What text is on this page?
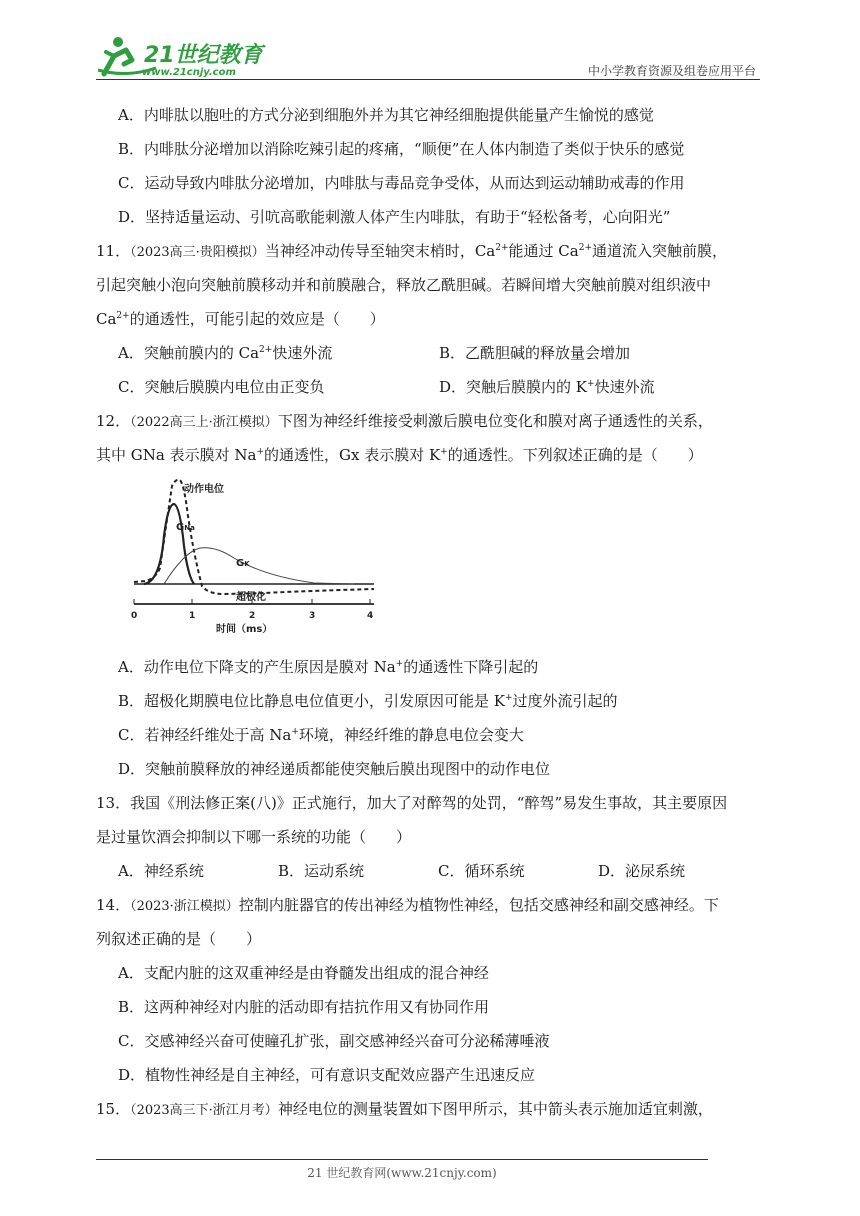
21世纪教育
www.21cnjy.com	中小学教育资源及组卷应用平台
A．内啡肽以胞吐的方式分泌到细胞外并为其它神经细胞提供能量产生愉悦的感觉
B．内啡肽分泌增加以消除吃辣引起的疼痛，“顺便”在人体内制造了类似于快乐的感觉
C．运动导致内啡肽分泌增加，内啡肽与毒品竞争受体，从而达到运动辅助戒毒的作用
D．坚持适量运动、引吭高歌能刺激人体产生内啡肽，有助于“轻松备考，心向阳光”
11．（2023高三·贵阳模拟）当神经冲动传导至轴突末梢时，$Ca^{2+}$能通过 $Ca^{2+}$通道流入突触前膜，
引起突触小泡向突触前膜移动并和前膜融合，释放乙酰胆碱。若瞬间增大突触前膜对组织液中
$Ca^{2+}$的通透性，可能引起的效应是（　　）
A．突触前膜内的 $Ca^{2+}$快速外流	B．乙酰胆碱的释放量会增加
C．突触后膜膜内电位由正变负	D．突触后膜膜内的 K+快速外流
12．（2022高三上·浙江模拟）下图为神经纤维接受刺激后膜电位变化和膜对离子通透性的关系，
其中 GNa 表示膜对 Na+的通透性，Gx 表示膜对 K+的通透性。下列叙述正确的是（　　）
动作电位
GNa
GK
超极化
0	1	2	3	4
时间（ms）
A．动作电位下降支的产生原因是膜对 Na+的通透性下降引起的
B．超极化期膜电位比静息电位值更小，引发原因可能是 K+过度外流引起的
C．若神经纤维处于高 Na+环境，神经纤维的静息电位会变大
D．突触前膜释放的神经递质都能使突触后膜出现图中的动作电位
13．我国《刑法修正案(八)》正式施行，加大了对醉驾的处罚，“醉驾”易发生事故，其主要原因
是过量饮酒会抑制以下哪一系统的功能（　　）
A．神经系统	B．运动系统	C．循环系统	D．泌尿系统
14．（2023·浙江模拟）控制内脏器官的传出神经为植物性神经，包括交感神经和副交感神经。下
列叙述正确的是（　　）
A．支配内脏的这双重神经是由脊髓发出组成的混合神经
B．这两种神经对内脏的活动即有拮抗作用又有协同作用
C．交感神经兴奋可使瞳孔扩张，副交感神经兴奋可分泌稀薄唾液
D．植物性神经是自主神经，可有意识支配效应器产生迅速反应
15．（2023高三下·浙江月考）神经电位的测量装置如下图甲所示，其中箭头表示施加适宜刺激，
21 世纪教育网(www.21cnjy.com)
